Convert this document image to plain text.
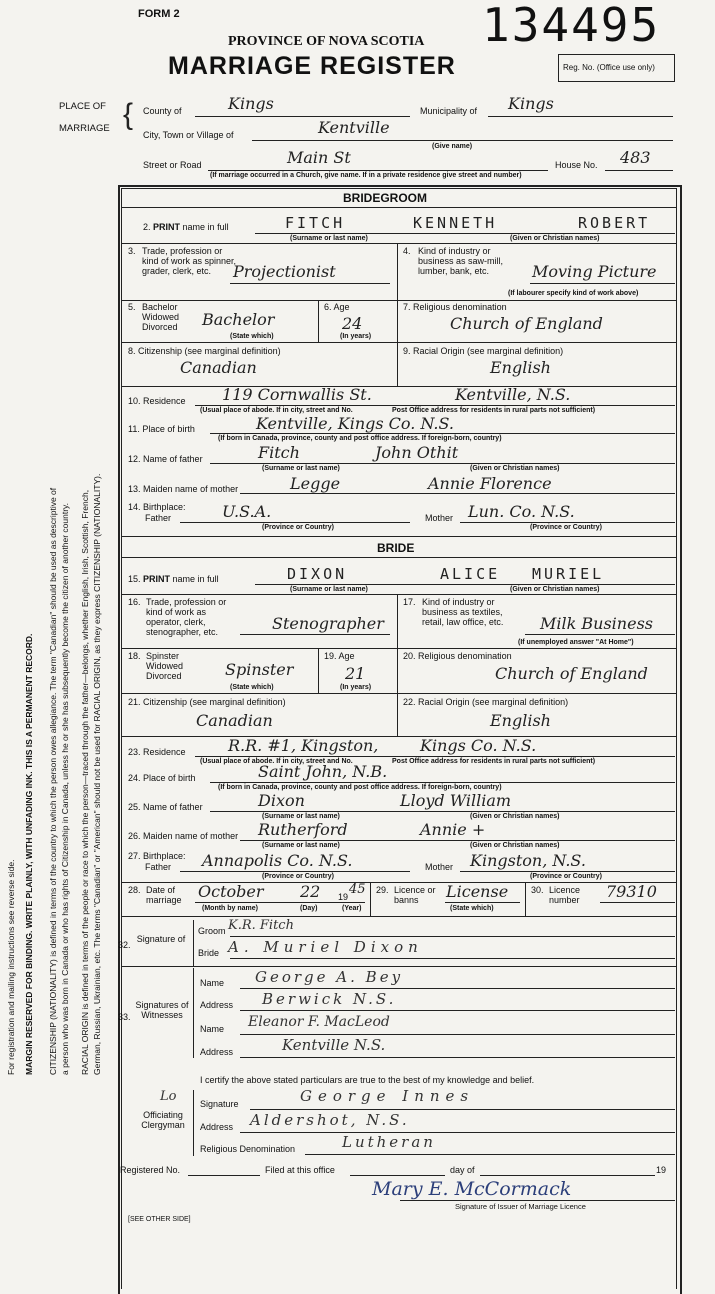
For registration and mailing instructions see reverse side. MARGIN RESERVED FOR BINDING. WRITE PLAINLY, WITH UNFADING INK. THIS IS A PERMANENT RECORD. CITIZENSHIP (NATIONALITY) is defined in terms of the country to which the person owes allegiance. The term "Canadian" should be used as descriptive of a person who was born in Canada or who has rights of Citizenship in Canada, unless he or she has subsequently become the citizen of another country. RACIAL ORIGIN is defined in terms of the people or race to which the person—traced through the father—belongs, whether English, Irish, Scottish, French, German, Russian, Ukrainian, etc. The terms "Canadian" or "American" should not be used for RACIAL ORIGIN, as they express CITIZENSHIP (NATIONALITY).
FORM 2
PROVINCE OF NOVA SCOTIA
MARRIAGE REGISTER
134495
Reg. No. (Office use only)
PLACE OF
MARRIAGE { County of	Kings	Municipality of Kings
City, Town or Village of	Kentville
(Give name)
Street or Road	Main St	House No. 483
(If marriage occurred in a Church, give name. If in a private residence give street and number)
BRIDEGROOM
2. PRINT name in full	FITCH	KENNETH	ROBERT
(Surname or last name)	(Given or Christian names)
3. Trade, profession or kind of work as spinner, grader, clerk, etc.	Projectionist
4. Kind of industry or business as saw-mill, lumber, bank, etc.	Moving Picture
(If labourer specify kind of work above)
5. Bachelor Widowed Divorced	Bachelor
(State which)
6. Age
24
(In years)
7. Religious denomination
Church of England
8. Citizenship (see marginal definition)
Canadian
9. Racial Origin (see marginal definition)
English
10. Residence 119 Cornwallis St.	Kentville, N.S.
(Usual place of abode. If in city, street and No.	Post Office address for residents in rural parts not sufficient)
11. Place of birth	Kentville, Kings Co. N.S.
(If born in Canada, province, county and post office address. If foreign-born, country)
12. Name of father	Fitch	John Othit
(Surname or last name)	(Given or Christian names)
13. Maiden name of mother	Legge	Annie Florence
14. Birthplace:
Father	U.S.A.	Mother Lun. Co. N.S.
(Province or Country)	(Province or Country)
BRIDE
15. PRINT name in full	DIXON	ALICE MURIEL
(Surname or last name)	(Given or Christian names)
16. Trade, profession or kind of work as operator, clerk, stenographer, etc.	Stenographer
17. Kind of industry or business as textiles, retail, law office, etc.	Milk Business
(If unemployed answer "At Home")
18. Spinster Widowed Divorced	Spinster
(State which)
19. Age
21
(In years)
20. Religious denomination
Church of England
21. Citizenship (see marginal definition)
Canadian
22. Racial Origin (see marginal definition)
English
23. Residence	R.R. #1, Kingston,	Kings Co. N.S.
(Usual place of abode. If in city, street and No.	Post Office address for residents in rural parts not sufficient)
24. Place of birth	Saint John, N.B.
(If born in Canada, province, county and post office address. If foreign-born, country)
25. Name of father	Dixon	Lloyd William
(Surname or last name)	(Given or Christian names)
26. Maiden name of mother Rutherford	Annie +
(Surname or last name)	(Given or Christian names)
27. Birthplace:
Father Annapolis Co. N.S.	Mother Kingston, N.S.
(Province or Country)	(Province or Country)
28. Date of marriage	October 22 19 45
(Month by name)	(Day)	(Year)
29. Licence or banns	License
(State which)
30. Licence number	79310
32.
Signature of
Groom K.R. Fitch
Bride A. Muriel Dixon
33.
Signatures of Witnesses
Name George A. Bey
Address Berwick N.S.
Name Eleanor F. MacLeod
Address	Kentville N.S.
I certify the above stated particulars are true to the best of my knowledge and belief.
Lo
Officiating Clergyman
Signature	George Innes
Address Aldershot, N.S.
Religious Denomination	Lutheran
Registered No.	Filed at this office	day of	19
Mary E. McCormack
Signature of Issuer of Marriage Licence
[SEE OTHER SIDE]
